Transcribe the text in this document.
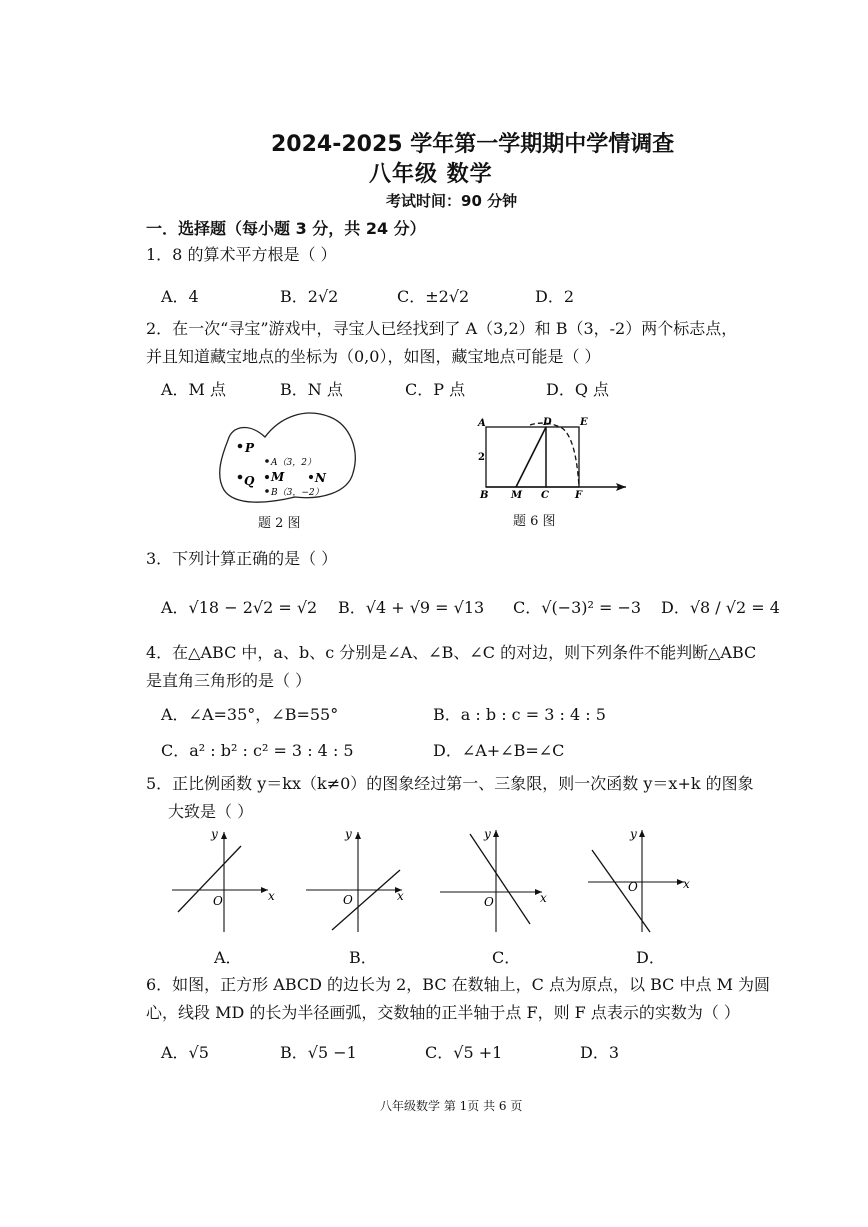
2024-2025 学年第一学期期中学情调查
八年级 数学
考试时间：90 分钟
一．选择题（每小题 3 分，共 24 分）
1．8 的算术平方根是（ ）
A．4	B．2√2	C．±2√2	D．2
2．在一次“寻宝”游戏中，寻宝人已经找到了 A（3,2）和 B（3，-2）两个标志点，
并且知道藏宝地点的坐标为（0,0），如图，藏宝地点可能是（ ）
A．M 点	B．N 点	C．P 点	D．Q 点
P
Q
A（3，2）
M	N
B（3，−2）
题 2 图
A	D	E
2
B M C	F
题 6 图
3．下列计算正确的是（ ）
A．√18 − 2√2 = √2 B．√4 + √9 = √13 C．√(−3)² = −3 D．√8 / √2 = 4
4．在△ABC 中，a、b、c 分别是∠A、∠B、∠C 的对边，则下列条件不能判断△ABC
是直角三角形的是（ ）
A．∠A=35°，∠B=55°	B．a : b : c = 3 : 4 : 5
C．a² : b² : c² = 3 : 4 : 5	D．∠A+∠B=∠C
5．正比例函数 y＝kx（k≠0）的图象经过第一、三象限，则一次函数 y＝x+k 的图象
大致是（ ）
y
x
O
y
x
O
y
x
O
y
x
O
A．	B．	C．	D．
6．如图，正方形 ABCD 的边长为 2，BC 在数轴上，C 点为原点，以 BC 中点 M 为圆
心，线段 MD 的长为半径画弧，交数轴的正半轴于点 F，则 F 点表示的实数为（ ）
A．√5	B．√5 −1	C．√5 +1	D．3
八年级数学 第 1页 共 6 页
